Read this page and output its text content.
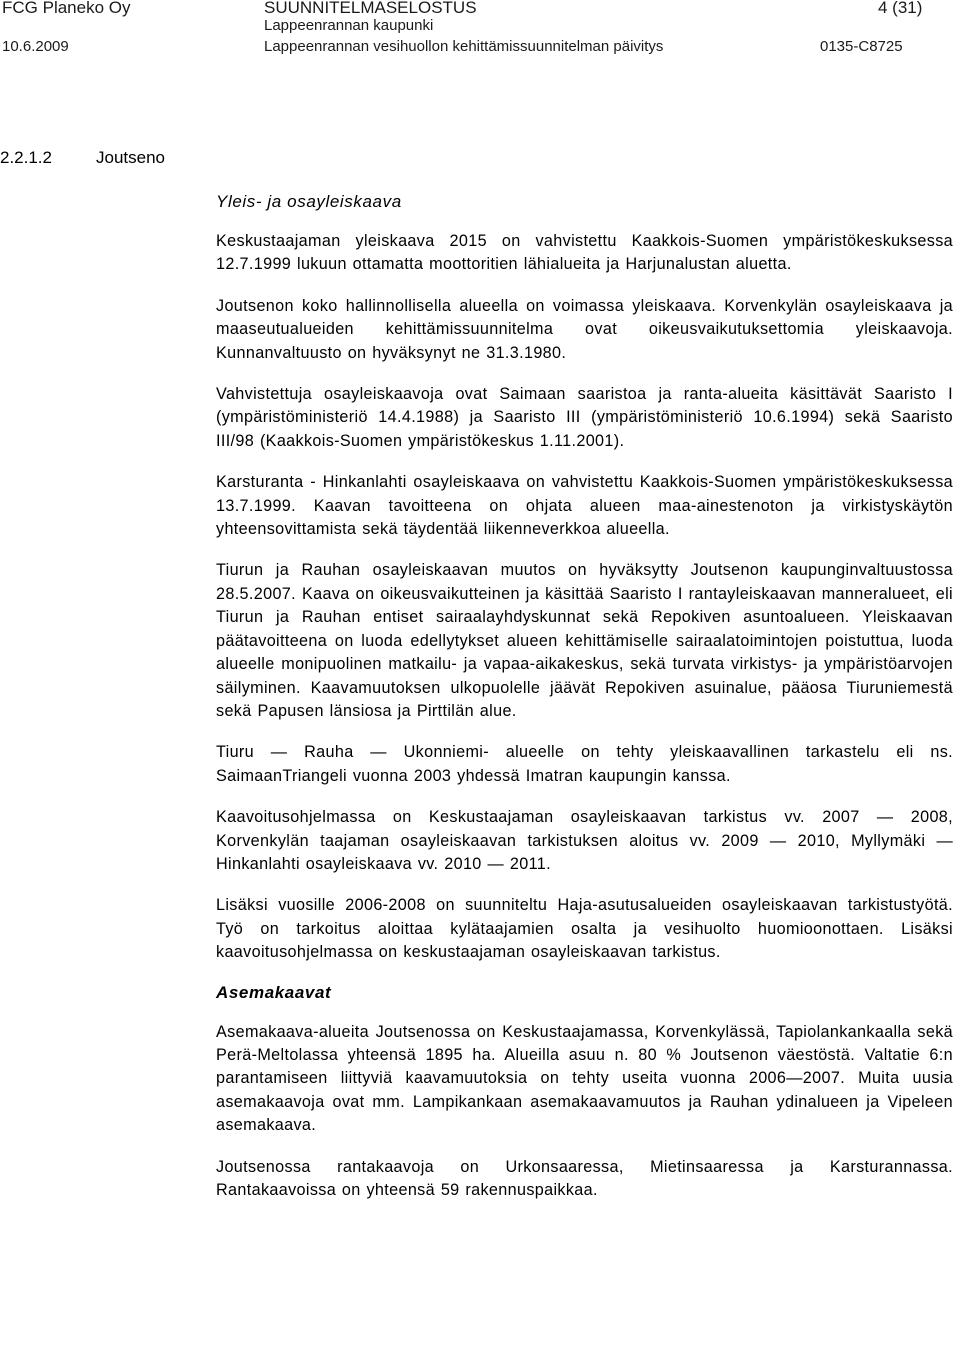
FCG Planeko Oy
10.6.2009
SUUNNITELMASELOSTUS
Lappeenrannan kaupunki
Lappeenrannan vesihuollon kehittämissuunnitelman päivitys
4 (31)
0135-C8725
2.2.1.2	Joutseno
Yleis- ja osayleiskaava

Keskustaajaman yleiskaava 2015 on vahvistettu Kaakkois-Suomen ympäristökeskuksessa 12.7.1999 lukuun ottamatta moottoritien lähialueita ja Harjunalustan aluetta.

Joutsenon koko hallinnollisella alueella on voimassa yleiskaava. Korvenkylän osayleiskaava ja maaseutualueiden kehittämissuunnitelma ovat oikeusvaikutuksettomia yleiskaavoja. Kunnanvaltuusto on hyväksynyt ne 31.3.1980.

Vahvistettuja osayleiskaavoja ovat Saimaan saaristoa ja ranta-alueita käsittävät Saaristo I (ympäristöministeriö 14.4.1988) ja Saaristo III (ympäristöministeriö 10.6.1994) sekä Saaristo III/98 (Kaakkois-Suomen ympäristökeskus 1.11.2001).

Karsturanta - Hinkanlahti osayleiskaava on vahvistettu Kaakkois-Suomen ympäristökeskuksessa 13.7.1999. Kaavan tavoitteena on ohjata alueen maa-ainestenoton ja virkistyskäytön yhteensovittamista sekä täydentää liikenneverkkoa alueella.

Tiurun ja Rauhan osayleiskaavan muutos on hyväksytty Joutsenon kaupunginvaltuustossa 28.5.2007. Kaava on oikeusvaikutteinen ja käsittää Saaristo I rantayleiskaavan manneralueet, eli Tiurun ja Rauhan entiset sairaalayhdyskunnat sekä Repokiven asuntoalueen. Yleiskaavan päätavoitteena on luoda edellytykset alueen kehittämiselle sairaalatoimintojen poistuttua, luoda alueelle monipuolinen matkailu- ja vapaa-aikakeskus, sekä turvata virkistys- ja ympäristöarvojen säilyminen. Kaavamuutoksen ulkopuolelle jäävät Repokiven asuinalue, pääosa Tiuruniemestä sekä Papusen länsiosa ja Pirttilän alue.

Tiuru — Rauha — Ukonniemi- alueelle on tehty yleiskaavallinen tarkastelu eli ns. SaimaanTriangeli vuonna 2003 yhdessä Imatran kaupungin kanssa.

Kaavoitusohjelmassa on Keskustaajaman osayleiskaavan tarkistus vv. 2007 — 2008, Korvenkylän taajaman osayleiskaavan tarkistuksen aloitus vv. 2009 — 2010, Myllymäki — Hinkanlahti osayleiskaava vv. 2010 — 2011.

Lisäksi vuosille 2006-2008 on suunniteltu Haja-asutusalueiden osayleiskaavan tarkistustyötä. Työ on tarkoitus aloittaa kylätaajamien osalta ja vesihuolto huomioonottaen. Lisäksi kaavoitusohjelmassa on keskustaajaman osayleiskaavan tarkistus.

Asemakaavat

Asemakaava-alueita Joutsenossa on Keskustaajamassa, Korvenkylässä, Tapiolankankaalla sekä Perä-Meltolassa yhteensä 1895 ha. Alueilla asuu n. 80 % Joutsenon väestöstä. Valtatie 6:n parantamiseen liittyviä kaavamuutoksia on tehty useita vuonna 2006—2007. Muita uusia asemakaavoja ovat mm. Lampikankaan asemakaavamuutos ja Rauhan ydinalueen ja Vipeleen asemakaava.

Joutsenossa rantakaavoja on Urkonsaaressa, Mietinsaaressa ja Karsturannassa. Rantakaavoissa on yhteensä 59 rakennuspaikkaa.
